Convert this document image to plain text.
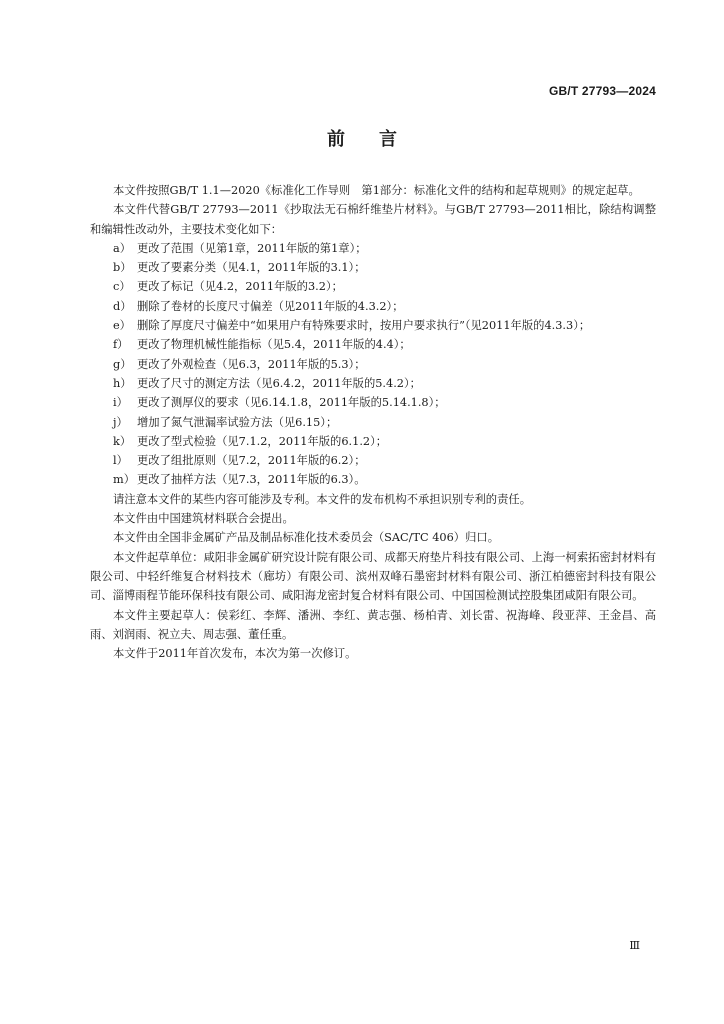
GB/T 27793—2024
前言

本文件按照GB/T 1.1—2020《标准化工作导则　第1部分：标准化文件的结构和起草规则》的规定起草。

本文件代替GB/T 27793—2011《抄取法无石棉纤维垫片材料》。与GB/T 27793—2011相比，除结构调整和编辑性改动外，主要技术变化如下：

a） 更改了范围（见第1章，2011年版的第1章）；
b） 更改了要素分类（见4.1，2011年版的3.1）；
c） 更改了标记（见4.2，2011年版的3.2）；
d） 删除了卷材的长度尺寸偏差（见2011年版的4.3.2）；
e） 删除了厚度尺寸偏差中“如果用户有特殊要求时，按用户要求执行”（见2011年版的4.3.3）；
f） 更改了物理机械性能指标（见5.4，2011年版的4.4）；
g） 更改了外观检查（见6.3，2011年版的5.3）；
h） 更改了尺寸的测定方法（见6.4.2，2011年版的5.4.2）；
i） 更改了测厚仪的要求（见6.14.1.8，2011年版的5.14.1.8）；
j） 增加了氮气泄漏率试验方法（见6.15）；
k） 更改了型式检验（见7.1.2，2011年版的6.1.2）；
l） 更改了组批原则（见7.2，2011年版的6.2）；
m） 更改了抽样方法（见7.3，2011年版的6.3）。

请注意本文件的某些内容可能涉及专利。本文件的发布机构不承担识别专利的责任。

本文件由中国建筑材料联合会提出。

本文件由全国非金属矿产品及制品标准化技术委员会（SAC/TC 406）归口。

本文件起草单位：咸阳非金属矿研究设计院有限公司、成都天府垫片科技有限公司、上海一柯索拓密封材料有限公司、中轻纤维复合材料技术（廊坊）有限公司、滨州双峰石墨密封材料有限公司、浙江柏德密封科技有限公司、淄博雨程节能环保科技有限公司、咸阳海龙密封复合材料有限公司、中国国检测试控股集团咸阳有限公司。

本文件主要起草人：侯彩红、李辉、潘洲、李红、黄志强、杨柏青、刘长雷、祝海峰、段亚萍、王金昌、高雨、刘润雨、祝立夫、周志强、董任重。

本文件于2011年首次发布，本次为第一次修订。

Ⅲ
